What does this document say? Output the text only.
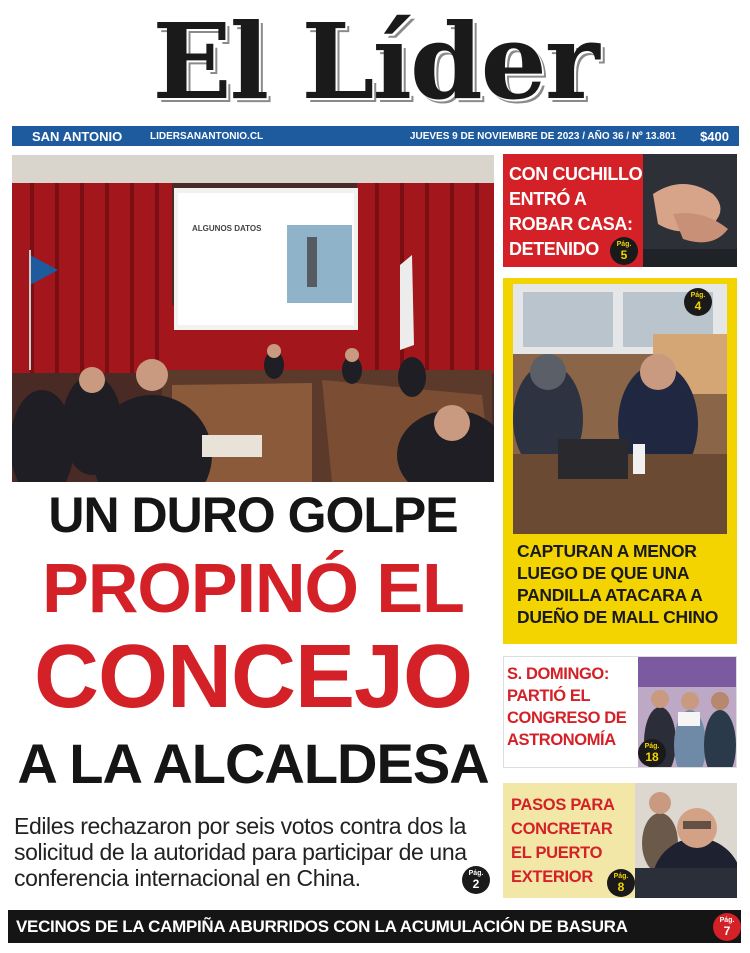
El Líder
SAN ANTONIO	LIDERSANANTONIO.CL	JUEVES 9 DE NOVIEMBRE DE 2023 / AÑO 36 / Nº 13.801 $400
ALGUNOS DATOS
UN DURO GOLPE
PROPINÓ EL
CONCEJO
A LA ALCALDESA

Ediles rechazaron por seis votos contra dos la solicitud de la autoridad para participar de una conferencia internacional en China.	Pág.
2
CON CUCHILLO ENTRÓ A ROBAR CASA: DETENIDO	Pág.
5
Pág.
4
CAPTURAN A MENOR LUEGO DE QUE UNA PANDILLA ATACARA A DUEÑO DE MALL CHINO
S. DOMINGO: PARTIÓ EL CONGRESO DE ASTRONOMÍA	Pág.
18
PASOS PARA CONCRETAR EL PUERTO EXTERIOR	Pág.
8
VECINOS DE LA CAMPIÑA ABURRIDOS CON LA ACUMULACIÓN DE BASURA	Pág.
7
